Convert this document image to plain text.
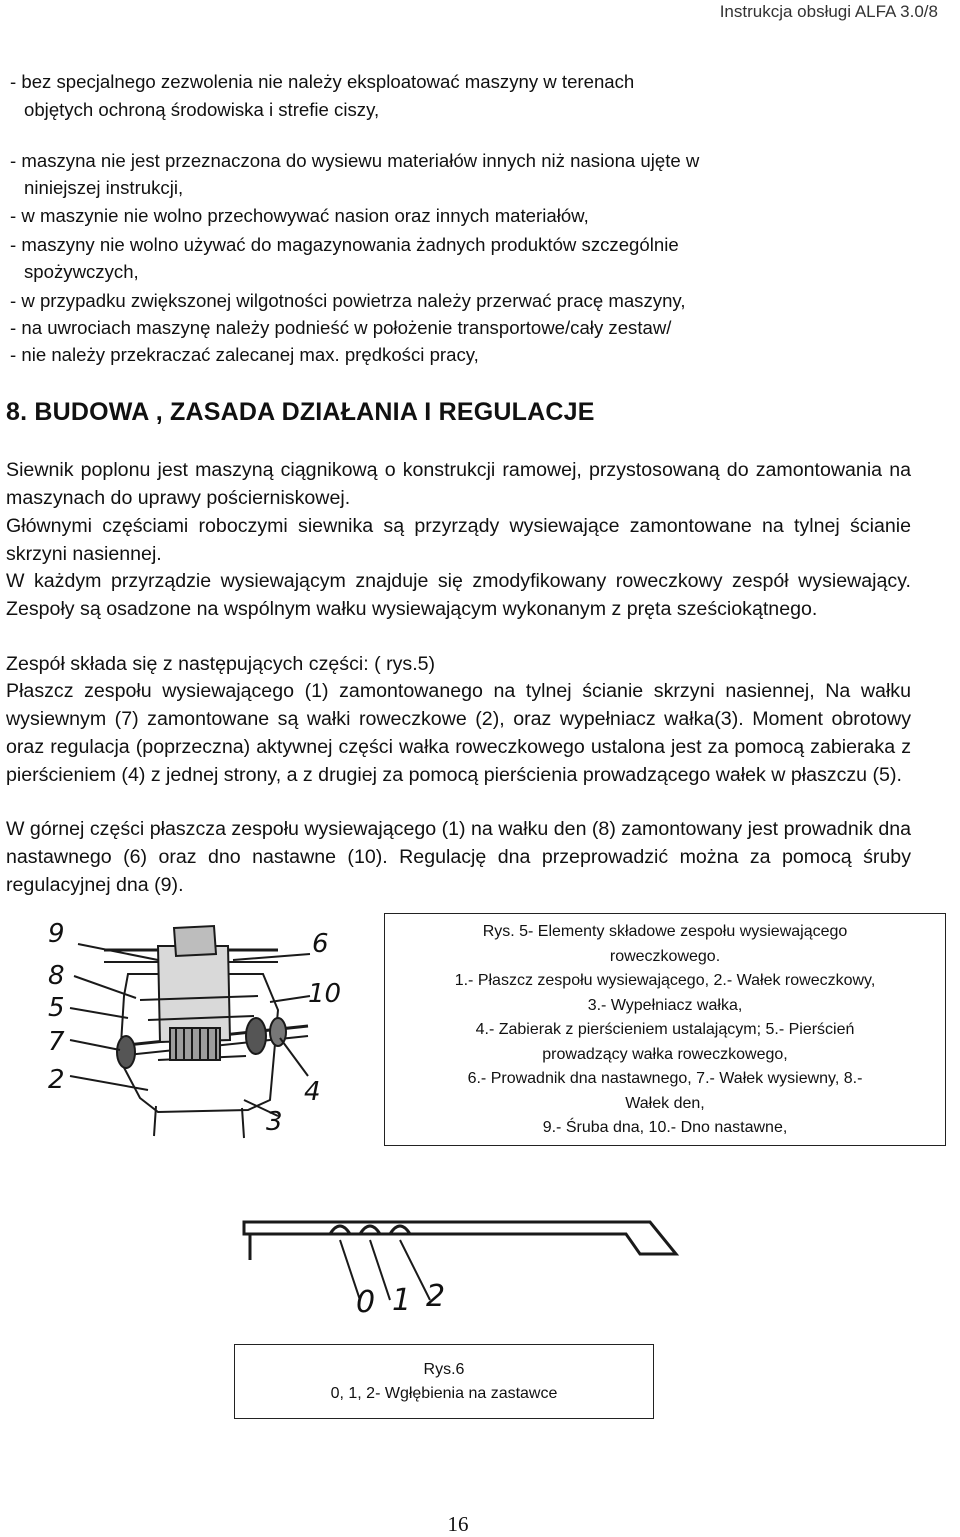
Instrukcja obsługi ALFA 3.0/8
- bez specjalnego zezwolenia nie należy eksploatować maszyny w terenach
objętych ochroną środowiska i strefie ciszy,
- maszyna nie jest przeznaczona do wysiewu materiałów innych niż nasiona ujęte w
niniejszej instrukcji,
- w maszynie nie wolno przechowywać nasion oraz innych materiałów,
- maszyny nie wolno używać do magazynowania żadnych produktów szczególnie
spożywczych,
- w przypadku zwiększonej wilgotności powietrza należy przerwać pracę maszyny,
- na uwrociach maszynę należy podnieść w położenie transportowe/cały zestaw/
- nie należy przekraczać zalecanej max. prędkości pracy,
8. BUDOWA , ZASADA DZIAŁANIA I REGULACJE
Siewnik poplonu jest maszyną ciągnikową o konstrukcji ramowej, przystosowaną do zamontowania na maszynach do uprawy pościerniskowej.
Głównymi częściami roboczymi siewnika są przyrządy wysiewające zamontowane na tylnej ścianie skrzyni nasiennej.
W każdym przyrządzie wysiewającym znajduje się zmodyfikowany roweczkowy zespół wysiewający. Zespoły są osadzone na wspólnym wałku wysiewającym wykonanym z pręta sześciokątnego.
Zespół składa się z następujących części: ( rys.5)
Płaszcz zespołu wysiewającego (1) zamontowanego na tylnej ścianie skrzyni nasiennej, Na wałku wysiewnym (7) zamontowane są wałki roweczkowe (2), oraz wypełniacz wałka(3). Moment obrotowy oraz regulacja (poprzeczna) aktywnej części wałka roweczkowego ustalona jest za pomocą zabieraka z pierścieniem (4) z jednej strony, a z drugiej za pomocą pierścienia prowadzącego wałek w płaszczu (5).
W górnej części płaszcza zespołu wysiewającego (1) na wałku den (8) zamontowany jest prowadnik dna nastawnego (6) oraz dno nastawne (10). Regulację dna przeprowadzić można za pomocą śruby regulacyjnej dna (9).
9
8
5
7
2
6
10
4
3
Rys. 5- Elementy składowe zespołu wysiewającego
roweczkowego.
1.- Płaszcz zespołu wysiewającego, 2.- Wałek roweczkowy,
3.- Wypełniacz wałka,
4.- Zabierak z pierścieniem ustalającym; 5.- Pierścień
prowadzący wałka roweczkowego,
6.- Prowadnik dna nastawnego, 7.- Wałek wysiewny, 8.-
Wałek den,
9.- Śruba dna, 10.- Dno nastawne,
0 1 2
Rys.6
0, 1, 2- Wgłębienia na zastawce
16
